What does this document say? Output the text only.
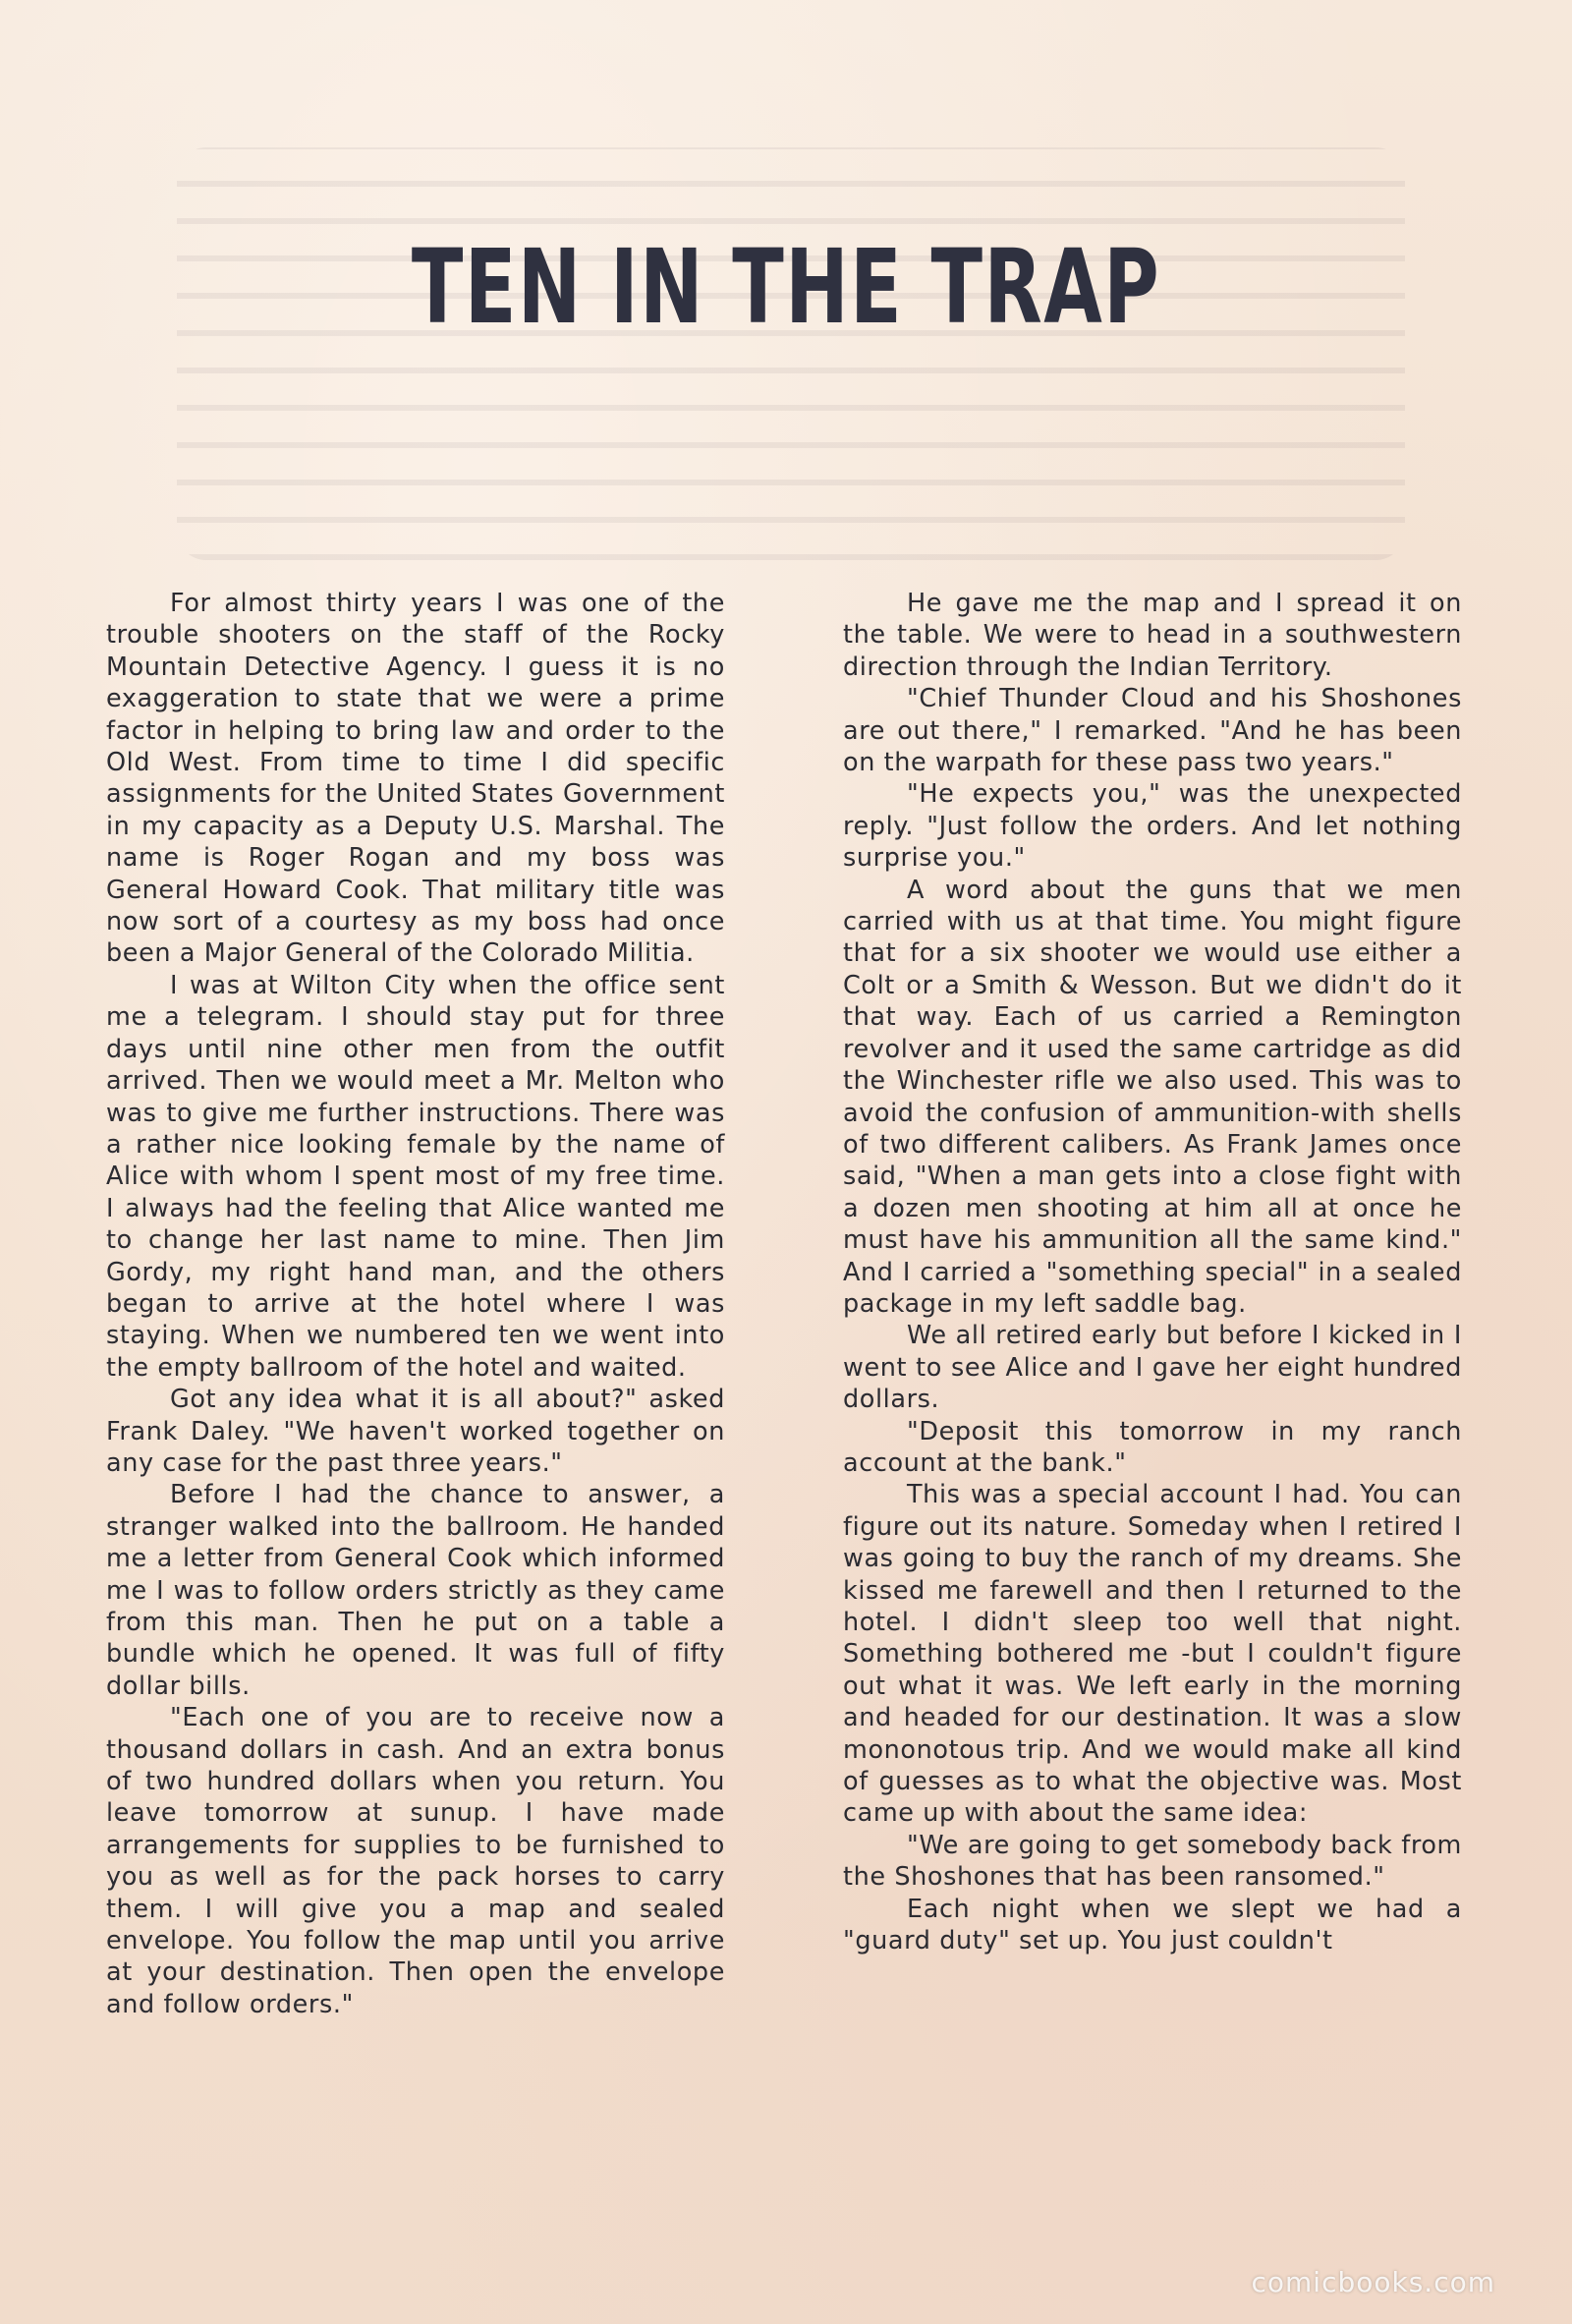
TEN IN THE TRAP

For almost thirty years I was one of the trouble shooters on the staff of the Rocky Mountain Detective Agency. I guess it is no exaggeration to state that we were a prime factor in helping to bring law and order to the Old West. From time to time I did specific assignments for the United States Government in my capacity as a Deputy U.S. Marshal. The name is Roger Rogan and my boss was General Howard Cook. That military title was now sort of a courtesy as my boss had once been a Major General of the Colorado Militia.

I was at Wilton City when the office sent me a telegram. I should stay put for three days until nine other men from the outfit arrived. Then we would meet a Mr. Melton who was to give me further instructions. There was a rather nice looking female by the name of Alice with whom I spent most of my free time. I always had the feeling that Alice wanted me to change her last name to mine. Then Jim Gordy, my right hand man, and the others began to arrive at the hotel where I was staying. When we numbered ten we went into the empty ballroom of the hotel and waited.

Got any idea what it is all about?" asked Frank Daley. "We haven't worked together on any case for the past three years."

Before I had the chance to answer, a stranger walked into the ballroom. He handed me a letter from General Cook which informed me I was to follow orders strictly as they came from this man. Then he put on a table a bundle which he opened. It was full of fifty dollar bills.

"Each one of you are to receive now a thousand dollars in cash. And an extra bonus of two hundred dollars when you return. You leave tomorrow at sunup. I have made arrangements for supplies to be furnished to you as well as for the pack horses to carry them. I will give you a map and sealed envelope. You follow the map until you arrive at your destination. Then open the envelope and follow orders."

He gave me the map and I spread it on the table. We were to head in a southwestern direction through the Indian Territory.

"Chief Thunder Cloud and his Shoshones are out there," I remarked. "And he has been on the warpath for these pass two years."

"He expects you," was the unexpected reply. "Just follow the orders. And let nothing surprise you."

A word about the guns that we men carried with us at that time. You might figure that for a six shooter we would use either a Colt or a Smith & Wesson. But we didn't do it that way. Each of us carried a Remington revolver and it used the same cartridge as did the Winchester rifle we also used. This was to avoid the confusion of ammunition-with shells of two different calibers. As Frank James once said, "When a man gets into a close fight with a dozen men shooting at him all at once he must have his ammunition all the same kind." And I carried a "something special" in a sealed package in my left saddle bag.

We all retired early but before I kicked in I went to see Alice and I gave her eight hundred dollars.

"Deposit this tomorrow in my ranch account at the bank."

This was a special account I had. You can figure out its nature. Someday when I retired I was going to buy the ranch of my dreams. She kissed me farewell and then I returned to the hotel. I didn't sleep too well that night. Something bothered me -but I couldn't figure out what it was. We left early in the morning and headed for our destination. It was a slow mononotous trip. And we would make all kind of guesses as to what the objective was. Most came up with about the same idea:

"We are going to get somebody back from the Shoshones that has been ransomed."

Each night when we slept we had a "guard duty" set up. You just couldn't

comicbooks.com
